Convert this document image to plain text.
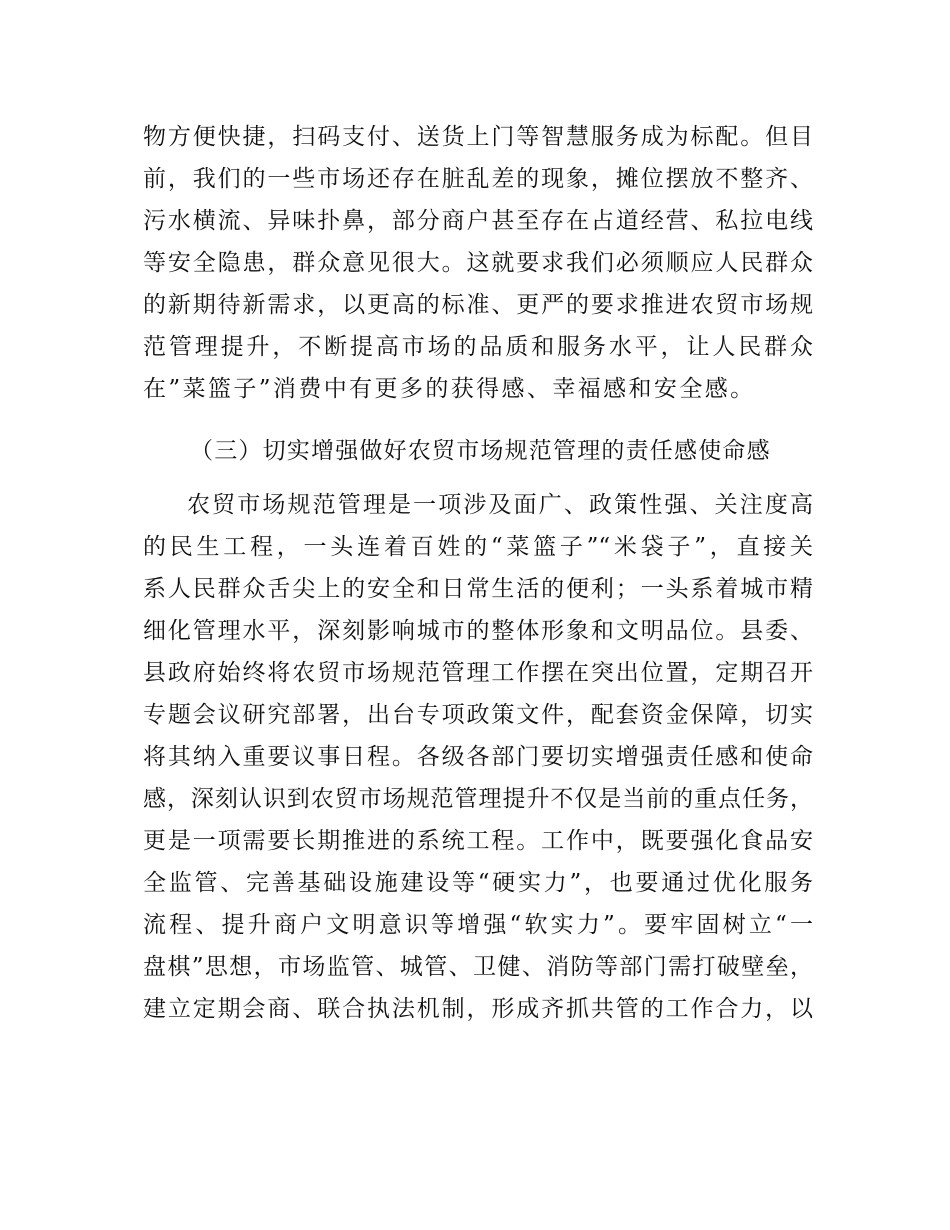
物方便快捷，扫码支付、送货上门等智慧服务成为标配。但目
前，我们的一些市场还存在脏乱差的现象，摊位摆放不整齐、
污水横流、异味扑鼻，部分商户甚至存在占道经营、私拉电线
等安全隐患，群众意见很大。这就要求我们必须顺应人民群众
的新期待新需求，以更高的标准、更严的要求推进农贸市场规
范管理提升，不断提高市场的品质和服务水平，让人民群众
在”菜篮子”消费中有更多的获得感、幸福感和安全感。
（三）切实增强做好农贸市场规范管理的责任感使命感
农贸市场规范管理是一项涉及面广、政策性强、关注度高
的民生工程，一头连着百姓的“菜篮子”“米袋子”，直接关
系人民群众舌尖上的安全和日常生活的便利；一头系着城市精
细化管理水平，深刻影响城市的整体形象和文明品位。县委、
县政府始终将农贸市场规范管理工作摆在突出位置，定期召开
专题会议研究部署，出台专项政策文件，配套资金保障，切实
将其纳入重要议事日程。各级各部门要切实增强责任感和使命
感，深刻认识到农贸市场规范管理提升不仅是当前的重点任务，
更是一项需要长期推进的系统工程。工作中，既要强化食品安
全监管、完善基础设施建设等“硬实力”，也要通过优化服务
流程、提升商户文明意识等增强“软实力”。要牢固树立“一
盘棋”思想，市场监管、城管、卫健、消防等部门需打破壁垒，
建立定期会商、联合执法机制，形成齐抓共管的工作合力，以
